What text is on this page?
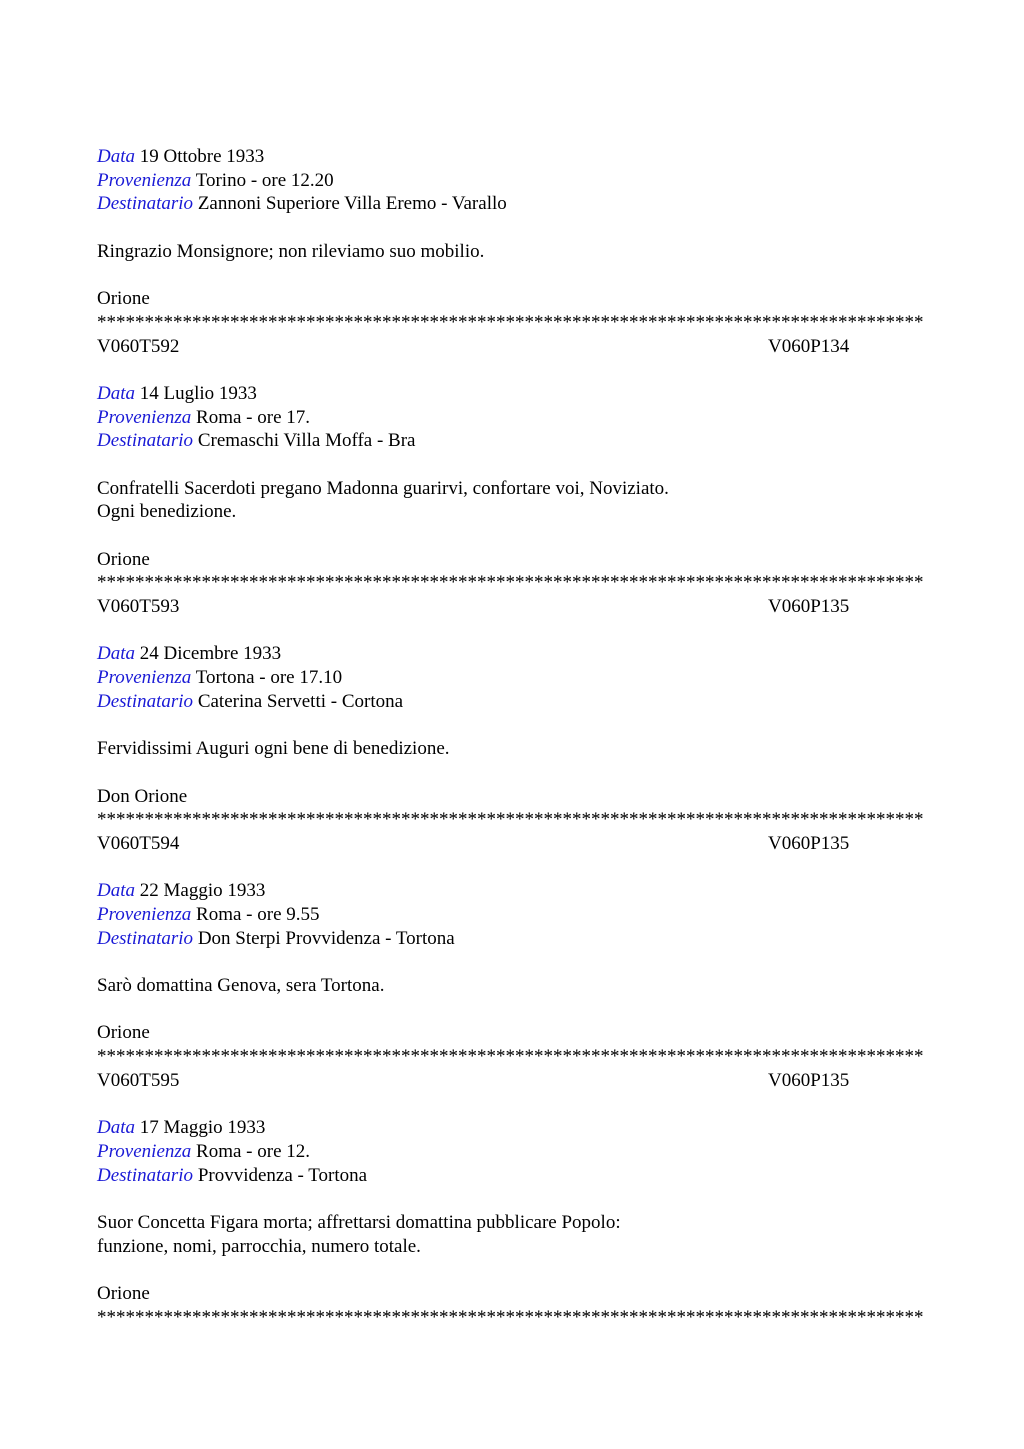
Data 19 Ottobre 1933
Provenienza Torino - ore 12.20
Destinatario Zannoni Superiore Villa Eremo - Varallo
Ringrazio Monsignore; non rileviamo suo mobilio.
Orione
***************************************************************************************
V060T592	V060P134
Data 14 Luglio 1933
Provenienza Roma - ore 17.
Destinatario Cremaschi Villa Moffa - Bra
Confratelli Sacerdoti pregano Madonna guarirvi, confortare voi, Noviziato.
Ogni benedizione.
Orione
***************************************************************************************
V060T593	V060P135
Data 24 Dicembre 1933
Provenienza Tortona - ore 17.10
Destinatario Caterina Servetti - Cortona
Fervidissimi Auguri ogni bene di benedizione.
Don Orione
***************************************************************************************
V060T594	V060P135
Data 22 Maggio 1933
Provenienza Roma - ore 9.55
Destinatario Don Sterpi Provvidenza - Tortona
Sarò domattina Genova, sera Tortona.
Orione
***************************************************************************************
V060T595	V060P135
Data 17 Maggio 1933
Provenienza Roma - ore 12.
Destinatario Provvidenza - Tortona
Suor Concetta Figara morta; affrettarsi domattina pubblicare Popolo:
funzione, nomi, parrocchia, numero totale.
Orione
***************************************************************************************
